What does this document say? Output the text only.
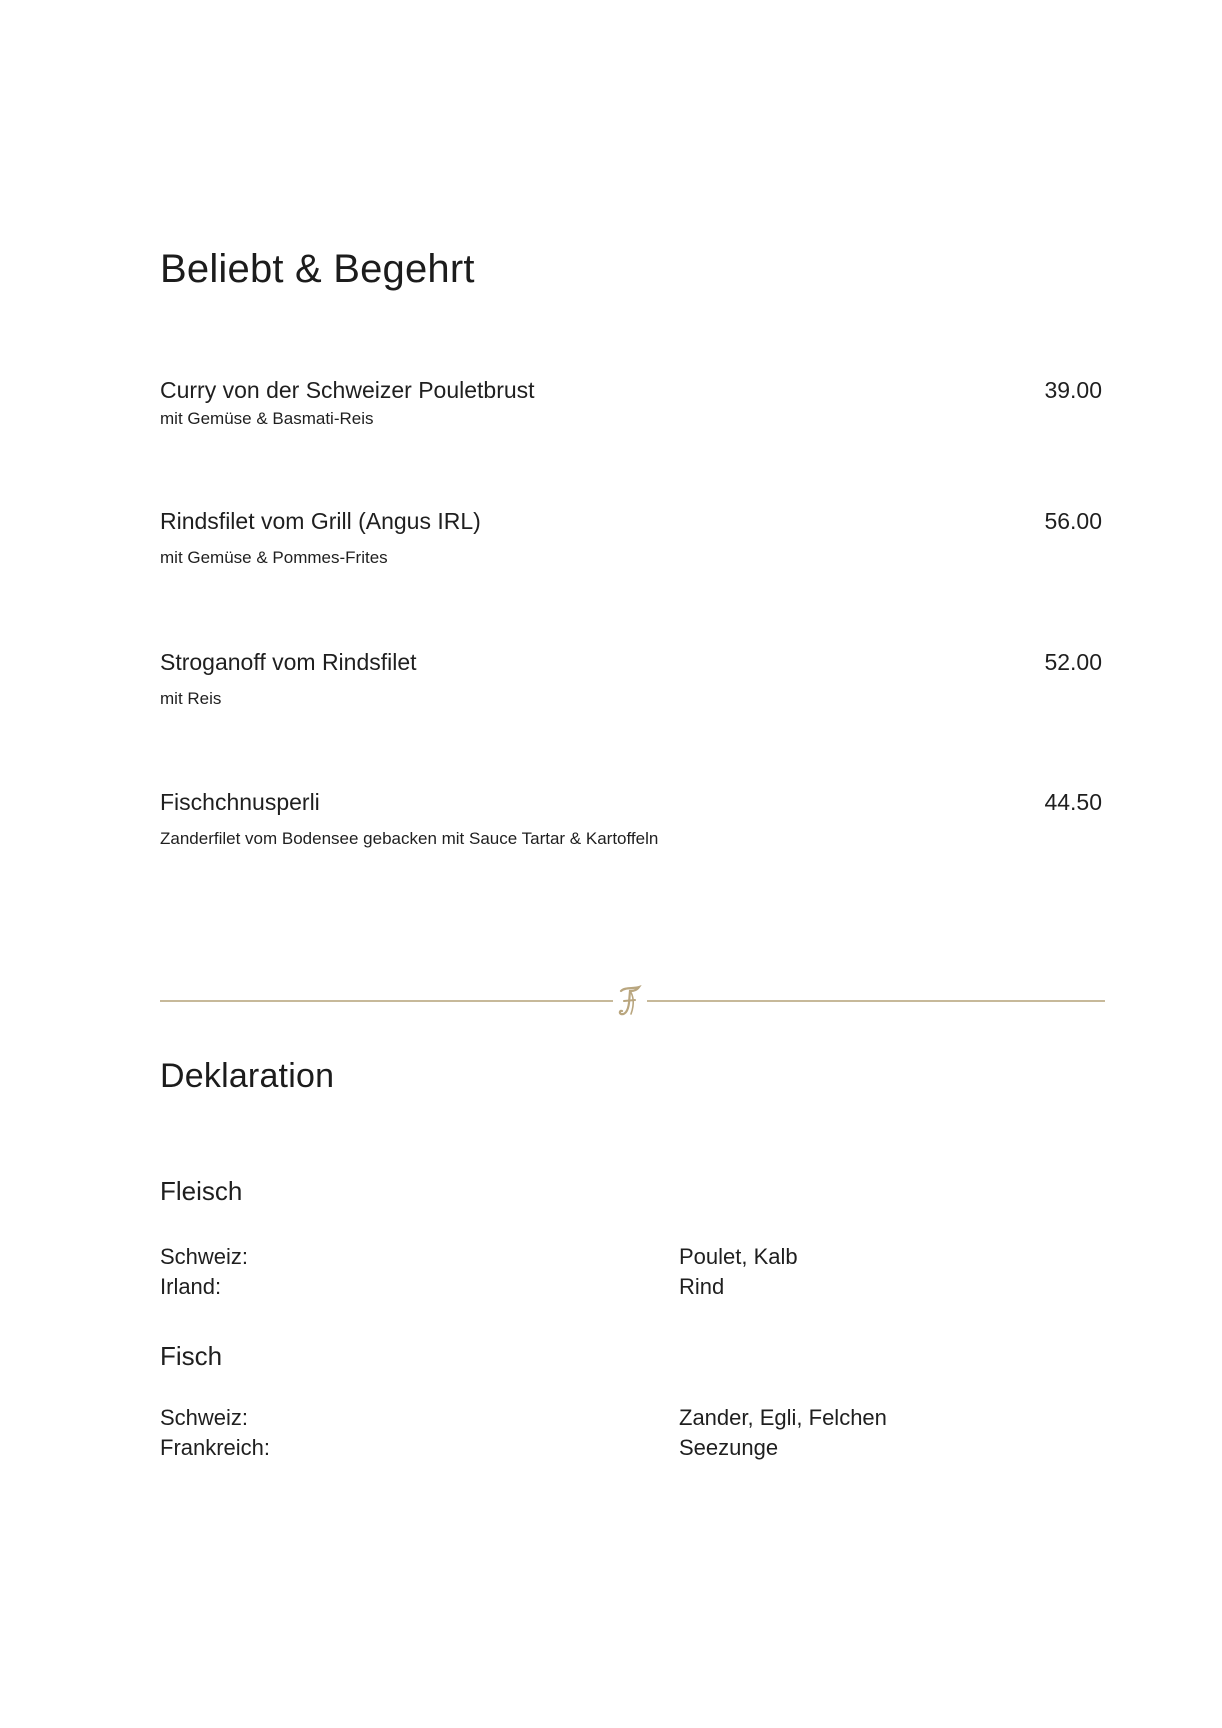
Beliebt & Begehrt
Curry von der Schweizer Pouletbrust	39.00
mit Gemüse & Basmati-Reis
Rindsfilet vom Grill (Angus IRL)	56.00
mit Gemüse & Pommes-Frites
Stroganoff vom Rindsfilet	52.00
mit Reis
Fischchnusperli	44.50
Zanderfilet vom Bodensee gebacken mit Sauce Tartar & Kartoffeln
Deklaration
Fleisch
Schweiz:	Poulet, Kalb
Irland:	Rind
Fisch
Schweiz:	Zander, Egli, Felchen
Frankreich:	Seezunge
